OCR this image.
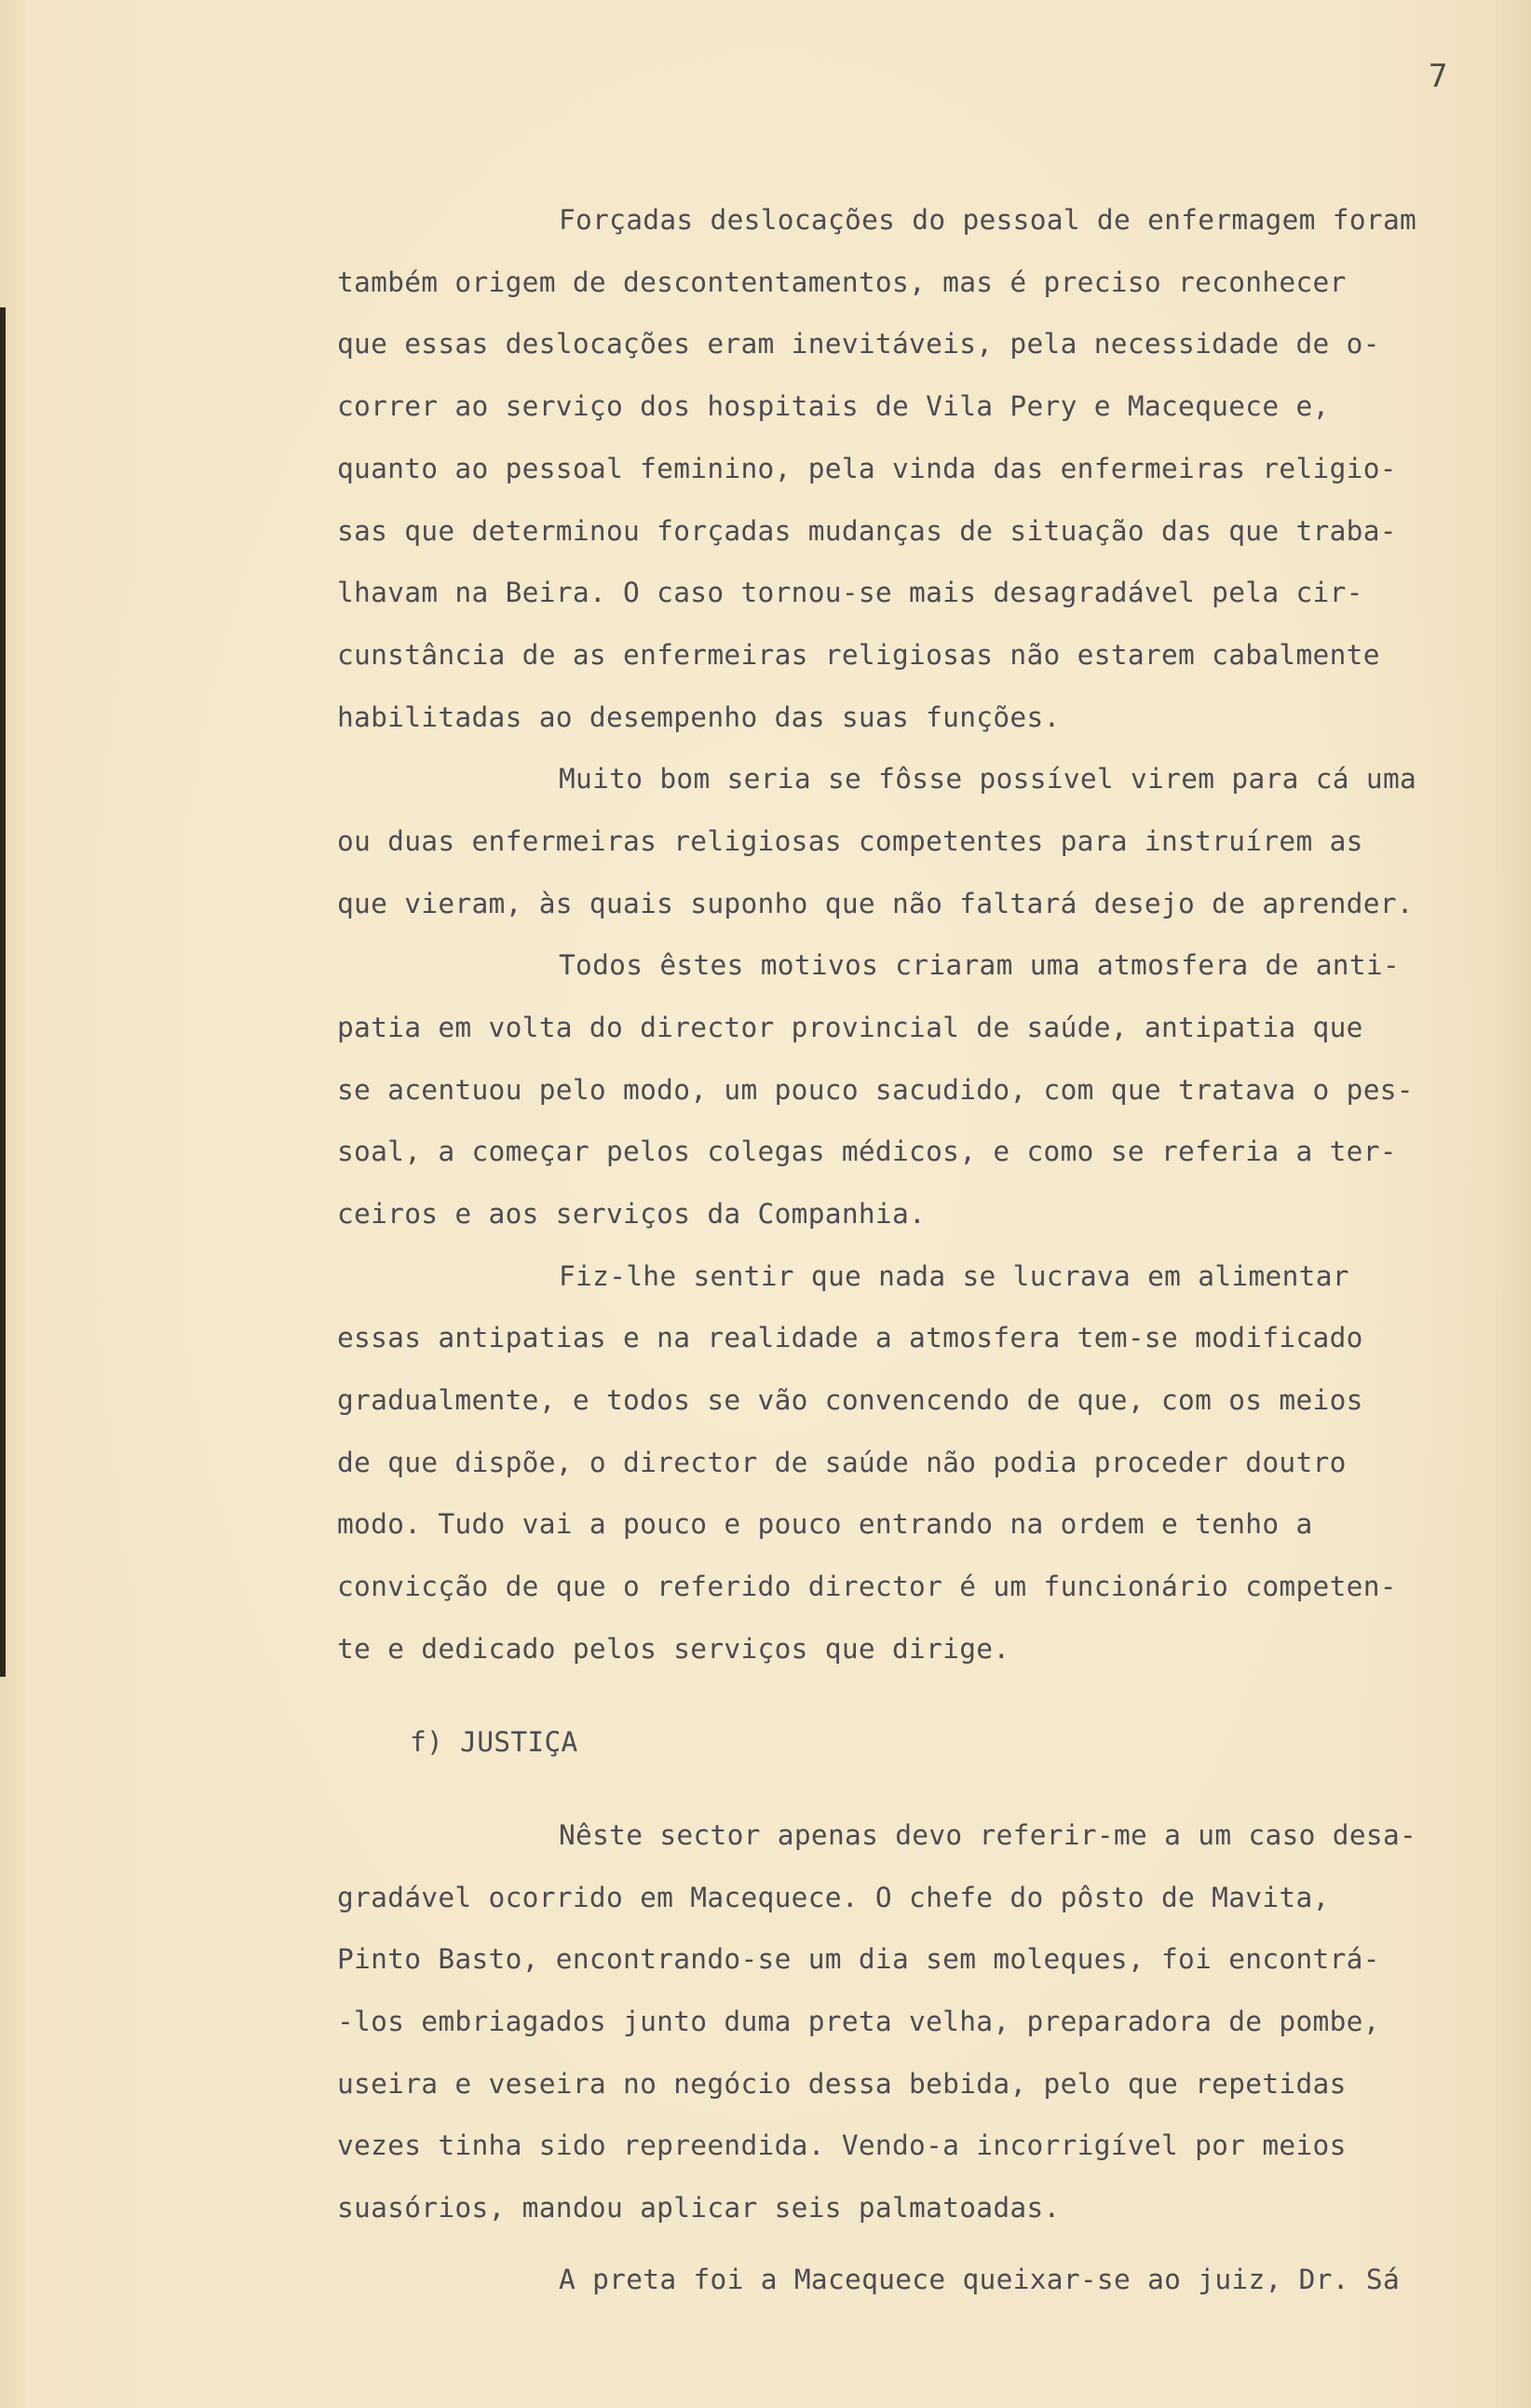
7
Forçadas deslocações do pessoal de enfermagem foram
também origem de descontentamentos, mas é preciso reconhecer
que essas deslocações eram inevitáveis, pela necessidade de o-
correr ao serviço dos hospitais de Vila Pery e Macequece e,
quanto ao pessoal feminino, pela vinda das enfermeiras religio-
sas que determinou forçadas mudanças de situação das que traba-
lhavam na Beira. O caso tornou-se mais desagradável pela cir-
cunstância de as enfermeiras religiosas não estarem cabalmente
habilitadas ao desempenho das suas funções.
Muito bom seria se fôsse possível virem para cá uma
ou duas enfermeiras religiosas competentes para instruírem as
que vieram, às quais suponho que não faltará desejo de aprender.
Todos êstes motivos criaram uma atmosfera de anti-
patia em volta do director provincial de saúde, antipatia que
se acentuou pelo modo, um pouco sacudido, com que tratava o pes-
soal, a começar pelos colegas médicos, e como se referia a ter-
ceiros e aos serviços da Companhia.
Fiz-lhe sentir que nada se lucrava em alimentar
essas antipatias e na realidade a atmosfera tem-se modificado
gradualmente, e todos se vão convencendo de que, com os meios
de que dispõe, o director de saúde não podia proceder doutro
modo. Tudo vai a pouco e pouco entrando na ordem e tenho a
convicção de que o referido director é um funcionário competen-
te e dedicado pelos serviços que dirige.
f) JUSTIÇA
Nêste sector apenas devo referir-me a um caso desa-
gradável ocorrido em Macequece. O chefe do pôsto de Mavita,
Pinto Basto, encontrando-se um dia sem moleques, foi encontrá-
-los embriagados junto duma preta velha, preparadora de pombe,
useira e veseira no negócio dessa bebida, pelo que repetidas
vezes tinha sido repreendida. Vendo-a incorrigível por meios
suasórios, mandou aplicar seis palmatoadas.
A preta foi a Macequece queixar-se ao juiz, Dr. Sá
